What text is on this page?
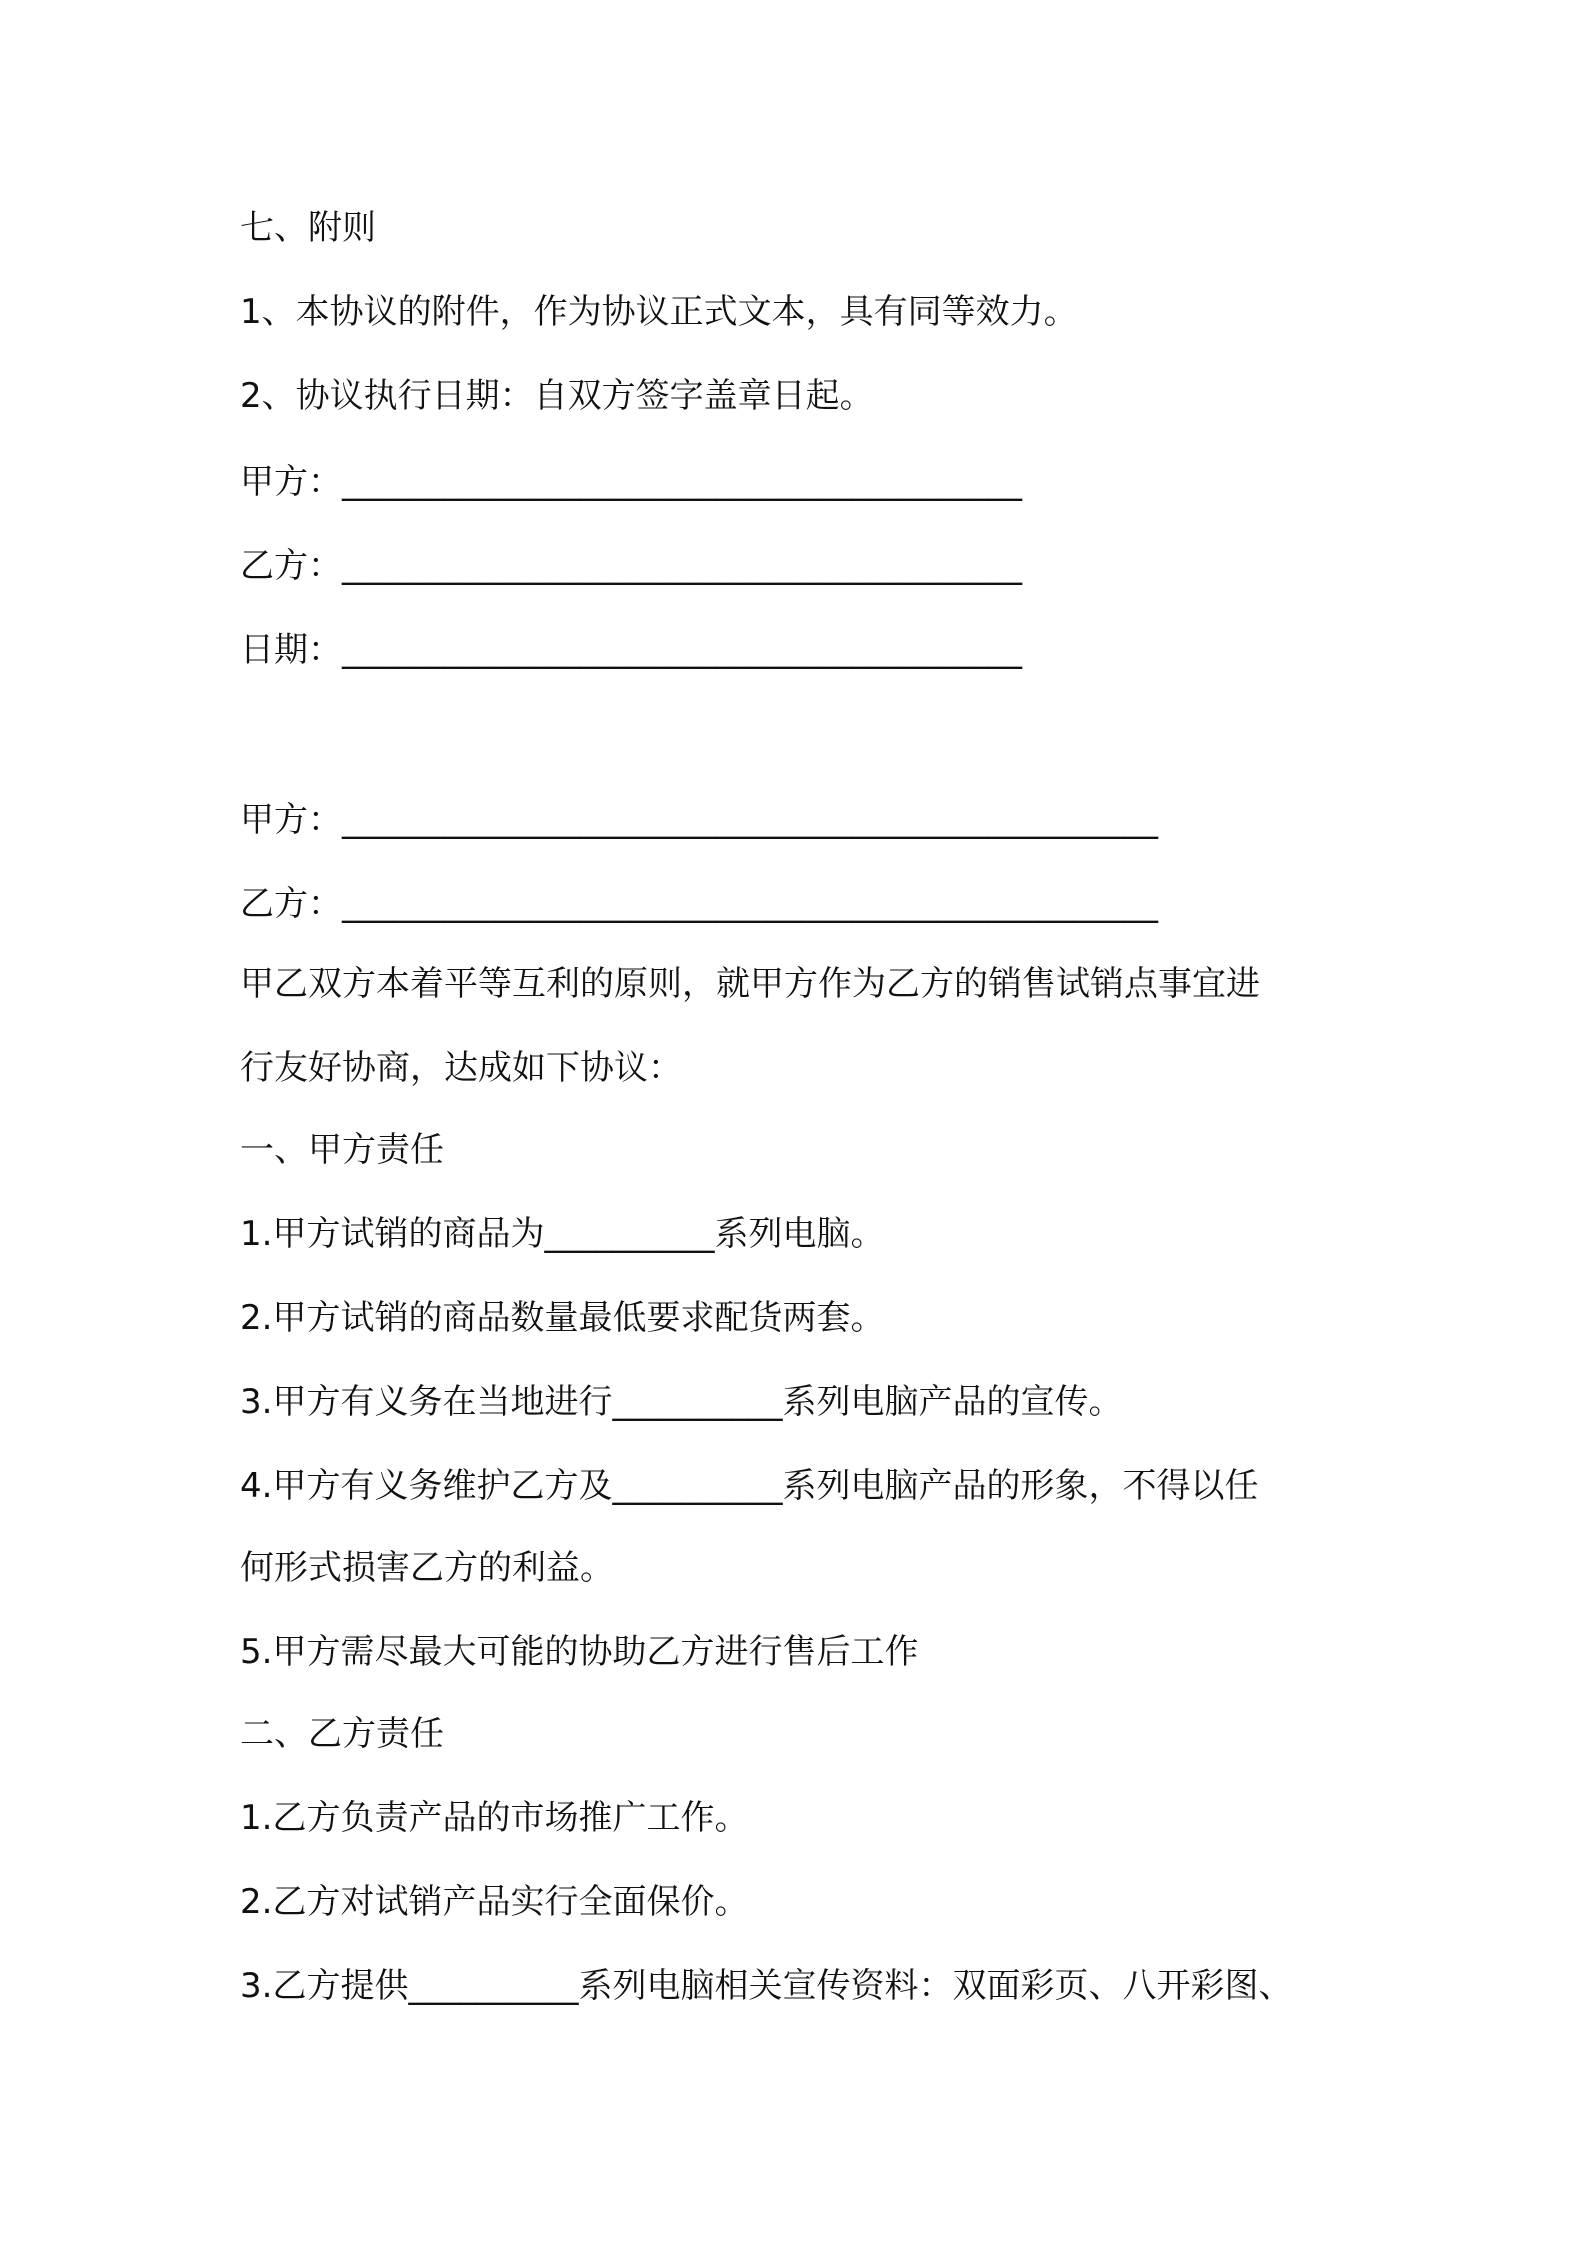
七、附则
1、本协议的附件，作为协议正式文本，具有同等效力。
2、协议执行日期：自双方签字盖章日起。
甲方：________________________________________
乙方：________________________________________
日期：________________________________________
甲方：________________________________________________
乙方：________________________________________________
甲乙双方本着平等互利的原则，就甲方作为乙方的销售试销点事宜进
行友好协商，达成如下协议：
一、甲方责任
1.甲方试销的商品为__________系列电脑。
2.甲方试销的商品数量最低要求配货两套。
3.甲方有义务在当地进行__________系列电脑产品的宣传。
4.甲方有义务维护乙方及__________系列电脑产品的形象，不得以任
何形式损害乙方的利益。
5.甲方需尽最大可能的协助乙方进行售后工作
二、乙方责任
1.乙方负责产品的市场推广工作。
2.乙方对试销产品实行全面保价。
3.乙方提供__________系列电脑相关宣传资料：双面彩页、八开彩图、
